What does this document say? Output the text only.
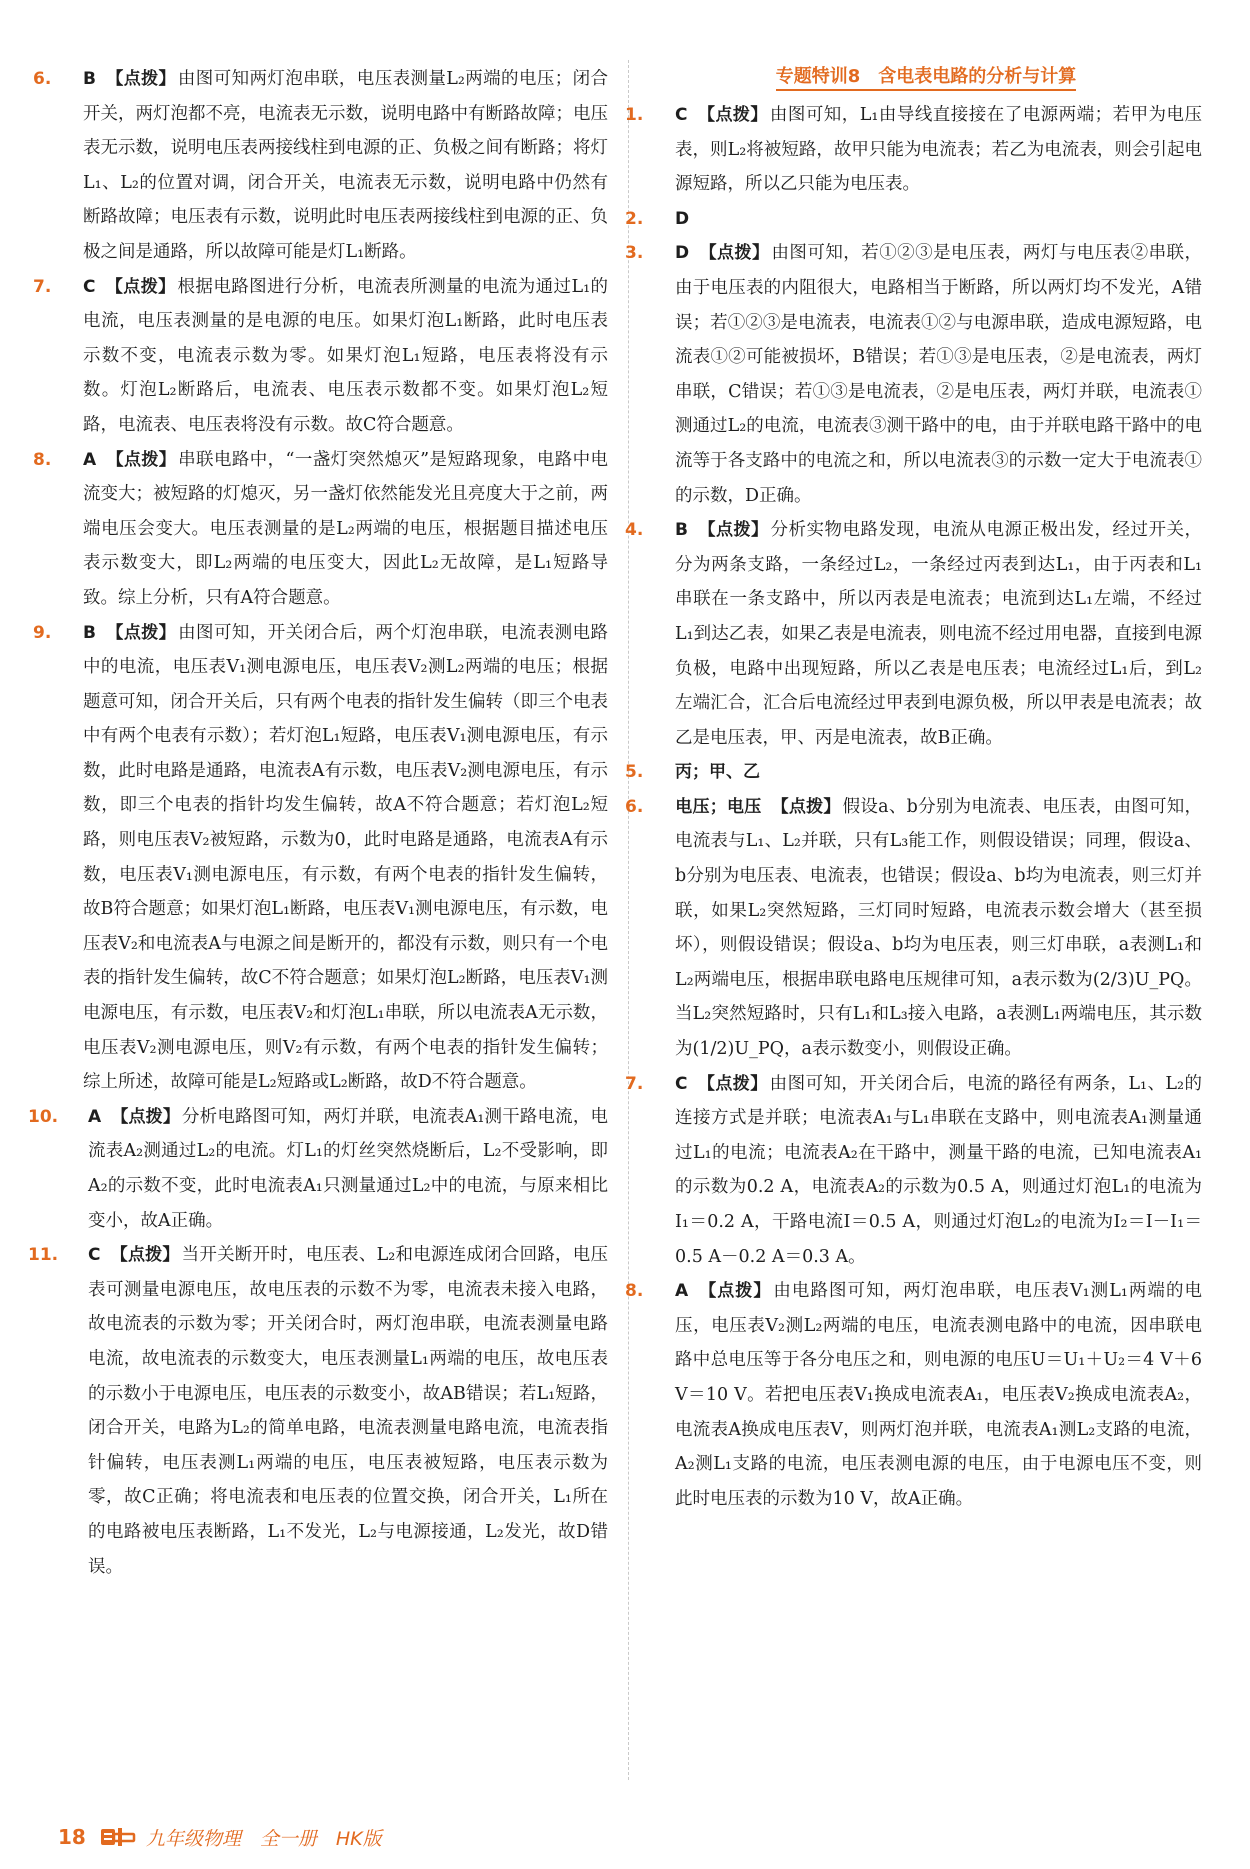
6. B 【点拨】 由图可知两灯泡串联，电压表测量L₂两端的电压；闭合开关，两灯泡都不亮，电流表无示数，说明电路中有断路故障；电压表无示数，说明电压表两接线柱到电源的正、负极之间有断路；将灯L₁、L₂的位置对调，闭合开关，电流表无示数，说明电路中仍然有断路故障；电压表有示数，说明此时电压表两接线柱到电源的正、负极之间是通路，所以故障可能是灯L₁断路。

7. C 【点拨】 根据电路图进行分析，电流表所测量的电流为通过L₁的电流，电压表测量的是电源的电压。如果灯泡L₁断路，此时电压表示数不变，电流表示数为零。如果灯泡L₁短路，电压表将没有示数。灯泡L₂断路后，电流表、电压表示数都不变。如果灯泡L₂短路，电流表、电压表将没有示数。故C符合题意。

8. A 【点拨】 串联电路中，“一盏灯突然熄灭”是短路现象，电路中电流变大；被短路的灯熄灭，另一盏灯依然能发光且亮度大于之前，两端电压会变大。电压表测量的是L₂两端的电压，根据题目描述电压表示数变大，即L₂两端的电压变大，因此L₂无故障，是L₁短路导致。综上分析，只有A符合题意。

9. B 【点拨】 由图可知，开关闭合后，两个灯泡串联，电流表测电路中的电流，电压表V₁测电源电压，电压表V₂测L₂两端的电压；根据题意可知，闭合开关后，只有两个电表的指针发生偏转（即三个电表中有两个电表有示数）；若灯泡L₁短路，电压表V₁测电源电压，有示数，此时电路是通路，电流表A有示数，电压表V₂测电源电压，有示数，即三个电表的指针均发生偏转，故A不符合题意；若灯泡L₂短路，则电压表V₂被短路，示数为0，此时电路是通路，电流表A有示数，电压表V₁测电源电压，有示数，有两个电表的指针发生偏转，故B符合题意；如果灯泡L₁断路，电压表V₁测电源电压，有示数，电压表V₂和电流表A与电源之间是断开的，都没有示数，则只有一个电表的指针发生偏转，故C不符合题意；如果灯泡L₂断路，电压表V₁测电源电压，有示数，电压表V₂和灯泡L₁串联，所以电流表A无示数，电压表V₂测电源电压，则V₂有示数，有两个电表的指针发生偏转；综上所述，故障可能是L₂短路或L₂断路，故D不符合题意。

10. A 【点拨】 分析电路图可知，两灯并联，电流表A₁测干路电流，电流表A₂测通过L₂的电流。灯L₁的灯丝突然烧断后，L₂不受影响，即A₂的示数不变，此时电流表A₁只测量通过L₂中的电流，与原来相比变小，故A正确。

11. C 【点拨】 当开关断开时，电压表、L₂和电源连成闭合回路，电压表可测量电源电压，故电压表的示数不为零，电流表未接入电路，故电流表的示数为零；开关闭合时，两灯泡串联，电流表测量电路电流，故电流表的示数变大，电压表测量L₁两端的电压，故电压表的示数小于电源电压，电压表的示数变小，故AB错误；若L₁短路，闭合开关，电路为L₂的简单电路，电流表测量电路电流，电流表指针偏转，电压表测L₁两端的电压，电压表被短路，电压表示数为零，故C正确；将电流表和电压表的位置交换，闭合开关，L₁所在的电路被电压表断路，L₁不发光，L₂与电源接通，L₂发光，故D错误。

专题特训8　含电表电路的分析与计算

1. C 【点拨】 由图可知，L₁由导线直接接在了电源两端；若甲为电压表，则L₂将被短路，故甲只能为电流表；若乙为电流表，则会引起电源短路，所以乙只能为电压表。

2. D

3. D 【点拨】 由图可知，若①②③是电压表，两灯与电压表②串联，由于电压表的内阻很大，电路相当于断路，所以两灯均不发光，A错误；若①②③是电流表，电流表①②与电源串联，造成电源短路，电流表①②可能被损坏，B错误；若①③是电压表，②是电流表，两灯串联，C错误；若①③是电流表，②是电压表，两灯并联，电流表①测通过L₂的电流，电流表③测干路中的电，由于并联电路干路中的电流等于各支路中的电流之和，所以电流表③的示数一定大于电流表①的示数，D正确。

4. B 【点拨】 分析实物电路发现，电流从电源正极出发，经过开关，分为两条支路，一条经过L₂，一条经过丙表到达L₁，由于丙表和L₁串联在一条支路中，所以丙表是电流表；电流到达L₁左端，不经过L₁到达乙表，如果乙表是电流表，则电流不经过用电器，直接到电源负极，电路中出现短路，所以乙表是电压表；电流经过L₁后，到L₂左端汇合，汇合后电流经过甲表到电源负极，所以甲表是电流表；故乙是电压表，甲、丙是电流表，故B正确。

5. 丙；甲、乙

6. 电压；电压 【点拨】 假设a、b分别为电流表、电压表，由图可知，电流表与L₁、L₂并联，只有L₃能工作，则假设错误；同理，假设a、b分别为电压表、电流表，也错误；假设a、b均为电流表，则三灯并联，如果L₂突然短路，三灯同时短路，电流表示数会增大（甚至损坏），则假设错误；假设a、b均为电压表，则三灯串联，a表测L₁和L₂两端电压，根据串联电路电压规律可知，a表示数为(2/3)U_PQ。当L₂突然短路时，只有L₁和L₃接入电路，a表测L₁两端电压，其示数为(1/2)U_PQ，a表示数变小，则假设正确。

7. C 【点拨】 由图可知，开关闭合后，电流的路径有两条，L₁、L₂的连接方式是并联；电流表A₁与L₁串联在支路中，则电流表A₁测量通过L₁的电流；电流表A₂在干路中，测量干路的电流，已知电流表A₁的示数为0.2 A，电流表A₂的示数为0.5 A，则通过灯泡L₁的电流为I₁＝0.2 A，干路电流I＝0.5 A，则通过灯泡L₂的电流为I₂＝I－I₁＝0.5 A－0.2 A＝0.3 A。

8. A 【点拨】 由电路图可知，两灯泡串联，电压表V₁测L₁两端的电压，电压表V₂测L₂两端的电压，电流表测电路中的电流，因串联电路中总电压等于各分电压之和，则电源的电压U＝U₁＋U₂＝4 V＋6 V＝10 V。若把电压表V₁换成电流表A₁，电压表V₂换成电流表A₂，电流表A换成电压表V，则两灯泡并联，电流表A₁测L₂支路的电流，A₂测L₁支路的电流，电压表测电源的电压，由于电源电压不变，则此时电压表的示数为10 V，故A正确。

18	九年级物理　全一册　HK版
